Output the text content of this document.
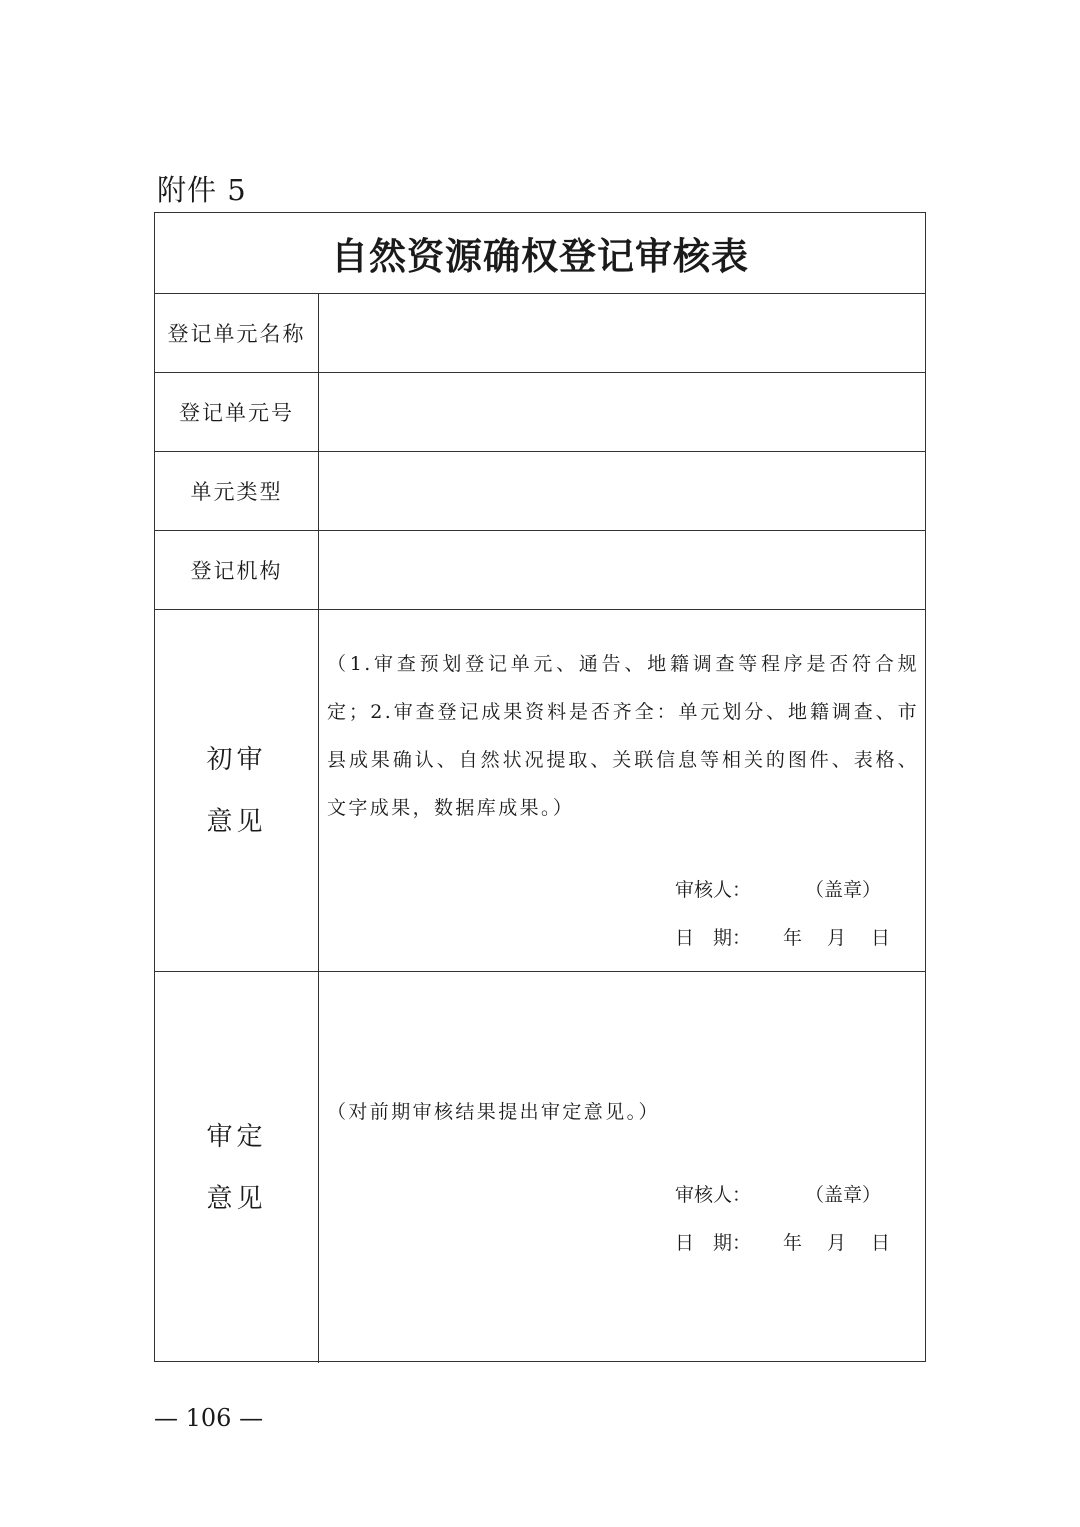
附件 5
自然资源确权登记审核表
登记单元名称
登记单元号
单元类型
登记机构
初审
意见
（1.审查预划登记单元、通告、地籍调查等程序是否符合规定；2.审查登记成果资料是否齐全：单元划分、地籍调查、市县成果确认、自然状况提取、关联信息等相关的图件、表格、文字成果，数据库成果。）

审核人：

	（盖章）

日　期：

年

月

日

审定
意见
（对前期审核结果提出审定意见。）

审核人：

	（盖章）

日　期：

年

月

日

— 106 —
